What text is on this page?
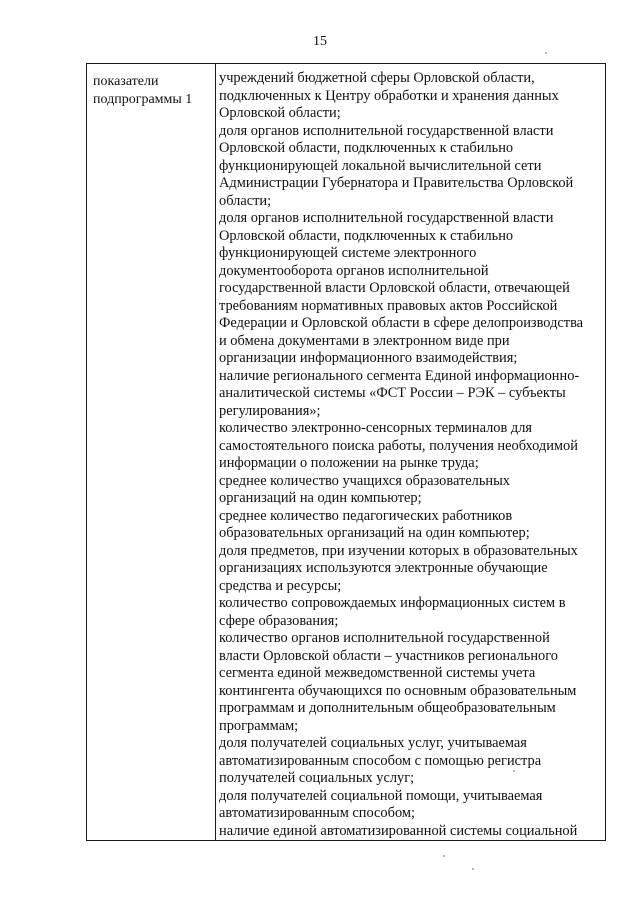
15
показатели
подпрограммы 1
учреждений бюджетной сферы Орловской области,
подключенных к Центру обработки и хранения данных
Орловской области;
доля органов исполнительной государственной власти
Орловской области, подключенных к стабильно
функционирующей локальной вычислительной сети
Администрации Губернатора и Правительства Орловской
области;
доля органов исполнительной государственной власти
Орловской области, подключенных к стабильно
функционирующей системе электронного
документооборота органов исполнительной
государственной власти Орловской области, отвечающей
требованиям нормативных правовых актов Российской
Федерации и Орловской области в сфере делопроизводства
и обмена документами в электронном виде при
организации информационного взаимодействия;
наличие регионального сегмента Единой информационно-
аналитической системы «ФСТ России – РЭК – субъекты
регулирования»;
количество электронно-сенсорных терминалов для
самостоятельного поиска работы, получения необходимой
информации о положении на рынке труда;
среднее количество учащихся образовательных
организаций на один компьютер;
среднее количество педагогических работников
образовательных организаций на один компьютер;
доля предметов, при изучении которых в образовательных
организациях используются электронные обучающие
средства и ресурсы;
количество сопровождаемых информационных систем в
сфере образования;
количество органов исполнительной государственной
власти Орловской области – участников регионального
сегмента единой межведомственной системы учета
контингента обучающихся по основным образовательным
программам и дополнительным общеобразовательным
программам;
доля получателей социальных услуг, учитываемая
автоматизированным способом с помощью регистра
получателей социальных услуг;
доля получателей социальной помощи, учитываемая
автоматизированным способом;
наличие единой автоматизированной системы социальной
